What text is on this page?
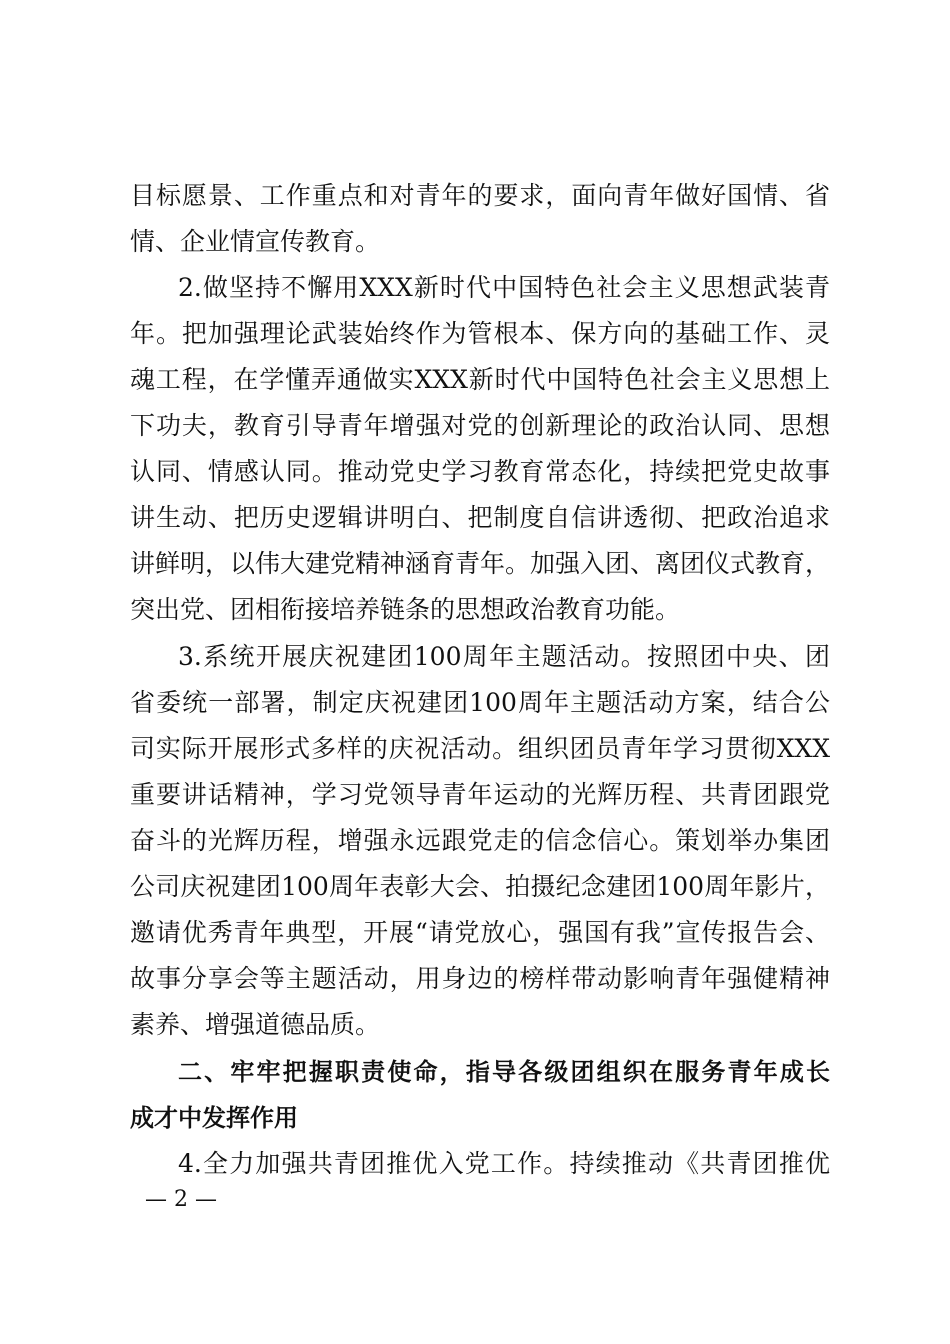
目标愿景、工作重点和对青年的要求，面向青年做好国情、省
情、企业情宣传教育。
2.做坚持不懈用XXX新时代中国特色社会主义思想武装青
年。把加强理论武装始终作为管根本、保方向的基础工作、灵
魂工程，在学懂弄通做实XXX新时代中国特色社会主义思想上
下功夫，教育引导青年增强对党的创新理论的政治认同、思想
认同、情感认同。推动党史学习教育常态化，持续把党史故事
讲生动、把历史逻辑讲明白、把制度自信讲透彻、把政治追求
讲鲜明，以伟大建党精神涵育青年。加强入团、离团仪式教育，
突出党、团相衔接培养链条的思想政治教育功能。
3.系统开展庆祝建团100周年主题活动。按照团中央、团
省委统一部署，制定庆祝建团100周年主题活动方案，结合公
司实际开展形式多样的庆祝活动。组织团员青年学习贯彻XXX
重要讲话精神，学习党领导青年运动的光辉历程、共青团跟党
奋斗的光辉历程，增强永远跟党走的信念信心。策划举办集团
公司庆祝建团100周年表彰大会、拍摄纪念建团100周年影片，
邀请优秀青年典型，开展“请党放心，强国有我”宣传报告会、
故事分享会等主题活动，用身边的榜样带动影响青年强健精神
素养、增强道德品质。
二、牢牢把握职责使命，指导各级团组织在服务青年成长
成才中发挥作用
4.全力加强共青团推优入党工作。持续推动《共青团推优
— 2 —
